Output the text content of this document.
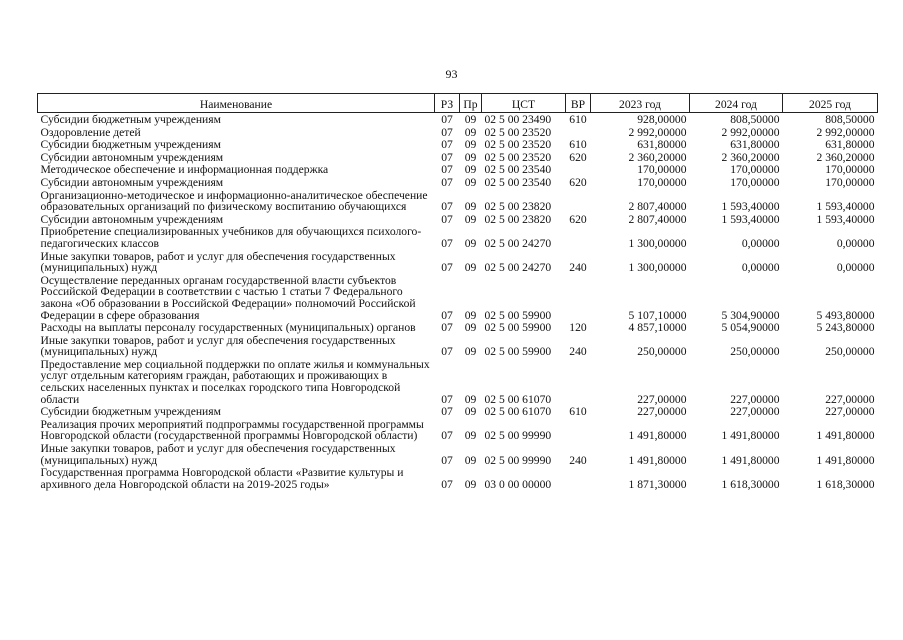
93
Наименование	РЗ	Пр	ЦСТ	ВР	2023 год	2024 год	2025 год
Субсидии бюджетным учреждениям	07	09	02 5 00 23490	610	928,00000	808,50000	808,50000
Оздоровление детей	07	09	02 5 00 23520		2 992,00000	2 992,00000	2 992,00000
Субсидии бюджетным учреждениям	07	09	02 5 00 23520	610	631,80000	631,80000	631,80000
Субсидии автономным учреждениям	07	09	02 5 00 23520	620	2 360,20000	2 360,20000	2 360,20000
Методическое обеспечение и информационная поддержка	07	09	02 5 00 23540		170,00000	170,00000	170,00000
Субсидии автономным учреждениям	07	09	02 5 00 23540	620	170,00000	170,00000	170,00000
Организационно-методическое и информационно-аналитическое обеспечение образовательных организаций по физическому воспитанию обучающихся	07	09	02 5 00 23820		2 807,40000	1 593,40000	1 593,40000
Субсидии автономным учреждениям	07	09	02 5 00 23820	620	2 807,40000	1 593,40000	1 593,40000
Приобретение специализированных учебников для обучающихся психолого-педагогических классов	07	09	02 5 00 24270		1 300,00000	0,00000	0,00000
Иные закупки товаров, работ и услуг для обеспечения государственных (муниципальных) нужд	07	09	02 5 00 24270	240	1 300,00000	0,00000	0,00000
Осуществление переданных органам государственной власти субъектов Российской Федерации в соответствии с частью 1 статьи 7 Федерального закона «Об образовании в Российской Федерации» полномочий Российской Федерации в сфере образования	07	09	02 5 00 59900		5 107,10000	5 304,90000	5 493,80000
Расходы на выплаты персоналу государственных (муниципальных) органов	07	09	02 5 00 59900	120	4 857,10000	5 054,90000	5 243,80000
Иные закупки товаров, работ и услуг для обеспечения государственных (муниципальных) нужд	07	09	02 5 00 59900	240	250,00000	250,00000	250,00000
Предоставление мер социальной поддержки по оплате жилья и коммунальных услуг отдельным категориям граждан, работающих и проживающих в сельских населенных пунктах и поселках городского типа Новгородской области	07	09	02 5 00 61070		227,00000	227,00000	227,00000
Субсидии бюджетным учреждениям	07	09	02 5 00 61070	610	227,00000	227,00000	227,00000
Реализация прочих мероприятий подпрограммы государственной программы Новгородской области (государственной программы Новгородской области)	07	09	02 5 00 99990		1 491,80000	1 491,80000	1 491,80000
Иные закупки товаров, работ и услуг для обеспечения государственных (муниципальных) нужд	07	09	02 5 00 99990	240	1 491,80000	1 491,80000	1 491,80000
Государственная программа Новгородской области «Развитие культуры и архивного дела Новгородской области на 2019-2025 годы»	07	09	03 0 00 00000		1 871,30000	1 618,30000	1 618,30000
